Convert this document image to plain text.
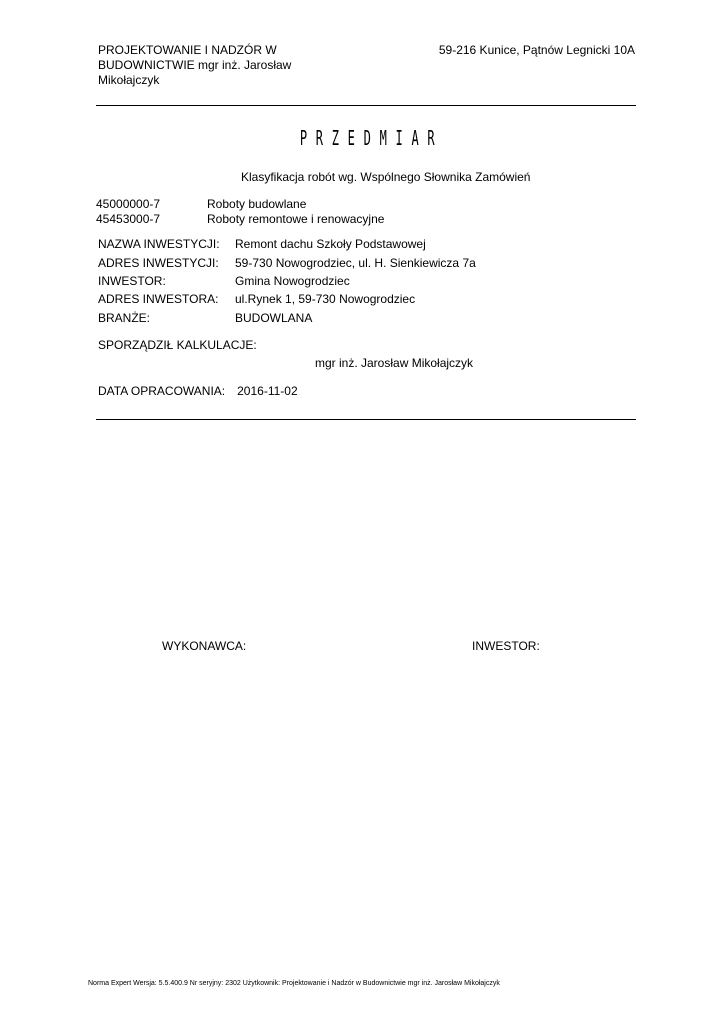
PROJEKTOWANIE I NADZÓR W
BUDOWNICTWIE mgr inż. Jarosław
Mikołajczyk
59-216 Kunice, Pątnów Legnicki 10A
P R Z E D M I A R
Klasyfikacja robót wg. Wspólnego Słownika Zamówień
45000000-7	Roboty budowlane
45453000-7	Roboty remontowe i renowacyjne
NAZWA INWESTYCJI: Remont dachu Szkoły Podstawowej
ADRES INWESTYCJI: 59-730 Nowogrodziec, ul. H. Sienkiewicza 7a
INWESTOR:	Gmina Nowogrodziec
ADRES INWESTORA: ul.Rynek 1, 59-730 Nowogrodziec
BRANŻE:	BUDOWLANA
SPORZĄDZIŁ KALKULACJE:
mgr inż. Jarosław Mikołajczyk
DATA OPRACOWANIA: 2016-11-02
WYKONAWCA:	INWESTOR:
Norma Expert Wersja: 5.5.400.9 Nr seryjny: 2302 Użytkownik: Projektowanie i Nadzór w Budownictwie mgr inż. Jarosław Mikołajczyk
